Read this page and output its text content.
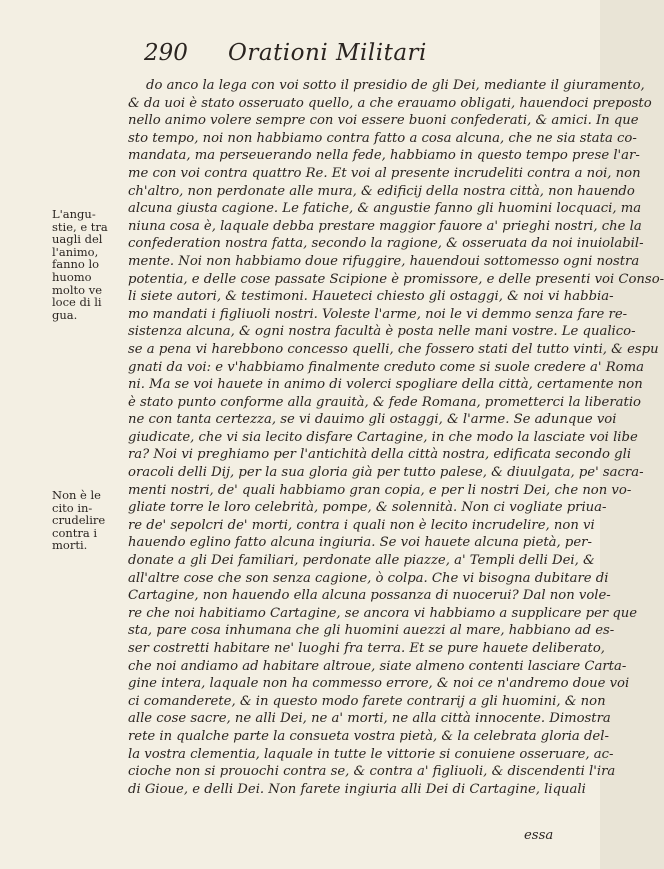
290 Orationi Militari
L'angu-
stie, e tra
uagli del
l'animo,
fanno lo
huomo
molto ve
loce di li
gua.
Non è le
cito in-
crudelire
contra i
morti.
do anco la lega con voi sotto il presidio de gli Dei, mediante il giuramento,
& da uoi è stato osseruato quello, a che erauamo obligati, hauendoci preposto
nello animo volere sempre con voi essere buoni confederati, & amici. In que
sto tempo, noi non habbiamo contra fatto a cosa alcuna, che ne sia stata co-
mandata, ma perseuerando nella fede, habbiamo in questo tempo prese l'ar-
me con voi contra quattro Re. Et voi al presente incrudeliti contra a noi, non
ch'altro, non perdonate alle mura, & edificij della nostra città, non hauendo
alcuna giusta cagione. Le fatiche, & angustie fanno gli huomini locquaci, ma
niuna cosa è, laquale debba prestare maggior fauore a' prieghi nostri, che la
confederation nostra fatta, secondo la ragione, & osseruata da noi inuiolabil-
mente. Noi non habbiamo doue rifuggire, hauendoui sottomesso ogni nostra
potentia, e delle cose passate Scipione è promissore, e delle presenti voi Conso-
li siete autori, & testimoni. Haueteci chiesto gli ostaggi, & noi vi habbia-
mo mandati i figliuoli nostri. Voleste l'arme, noi le vi demmo senza fare re-
sistenza alcuna, & ogni nostra facultà è posta nelle mani vostre. Le qualico-
se a pena vi harebbono concesso quelli, che fossero stati del tutto vinti, & espu
gnati da voi: e v'habbiamo finalmente creduto come si suole credere a' Roma
ni. Ma se voi hauete in animo di volerci spogliare della città, certamente non
è stato punto conforme alla grauità, & fede Romana, prometterci la liberatio
ne con tanta certezza, se vi dauimo gli ostaggi, & l'arme. Se adunque voi
giudicate, che vi sia lecito disfare Cartagine, in che modo la lasciate voi libe
ra? Noi vi preghiamo per l'antichità della città nostra, edificata secondo gli
oracoli delli Dij, per la sua gloria già per tutto palese, & diuulgata, pe' sacra-
menti nostri, de' quali habbiamo gran copia, e per li nostri Dei, che non vo-
gliate torre le loro celebrità, pompe, & solennità. Non ci vogliate priua-
re de' sepolcri de' morti, contra i quali non è lecito incrudelire, non vi
hauendo eglino fatto alcuna ingiuria. Se voi hauete alcuna pietà, per-
donate a gli Dei familiari, perdonate alle piazze, a' Templi delli Dei, &
all'altre cose che son senza cagione, ò colpa. Che vi bisogna dubitare di
Cartagine, non hauendo ella alcuna possanza di nuocerui? Dal non vole-
re che noi habitiamo Cartagine, se ancora vi habbiamo a supplicare per que
sta, pare cosa inhumana che gli huomini auezzi al mare, habbiano ad es-
ser costretti habitare ne' luoghi fra terra. Et se pure hauete deliberato,
che noi andiamo ad habitare altroue, siate almeno contenti lasciare Carta-
gine intera, laquale non ha commesso errore, & noi ce n'andremo doue voi
ci comanderete, & in questo modo farete contrarij a gli huomini, & non
alle cose sacre, ne alli Dei, ne a' morti, ne alla città innocente. Dimostra
rete in qualche parte la consueta vostra pietà, & la celebrata gloria del-
la vostra clementia, laquale in tutte le vittorie si conuiene osseruare, ac-
cioche non si prouochi contra se, & contra a' figliuoli, & discendenti l'ira
di Gioue, e delli Dei. Non farete ingiuria alli Dei di Cartagine, liquali
essa
